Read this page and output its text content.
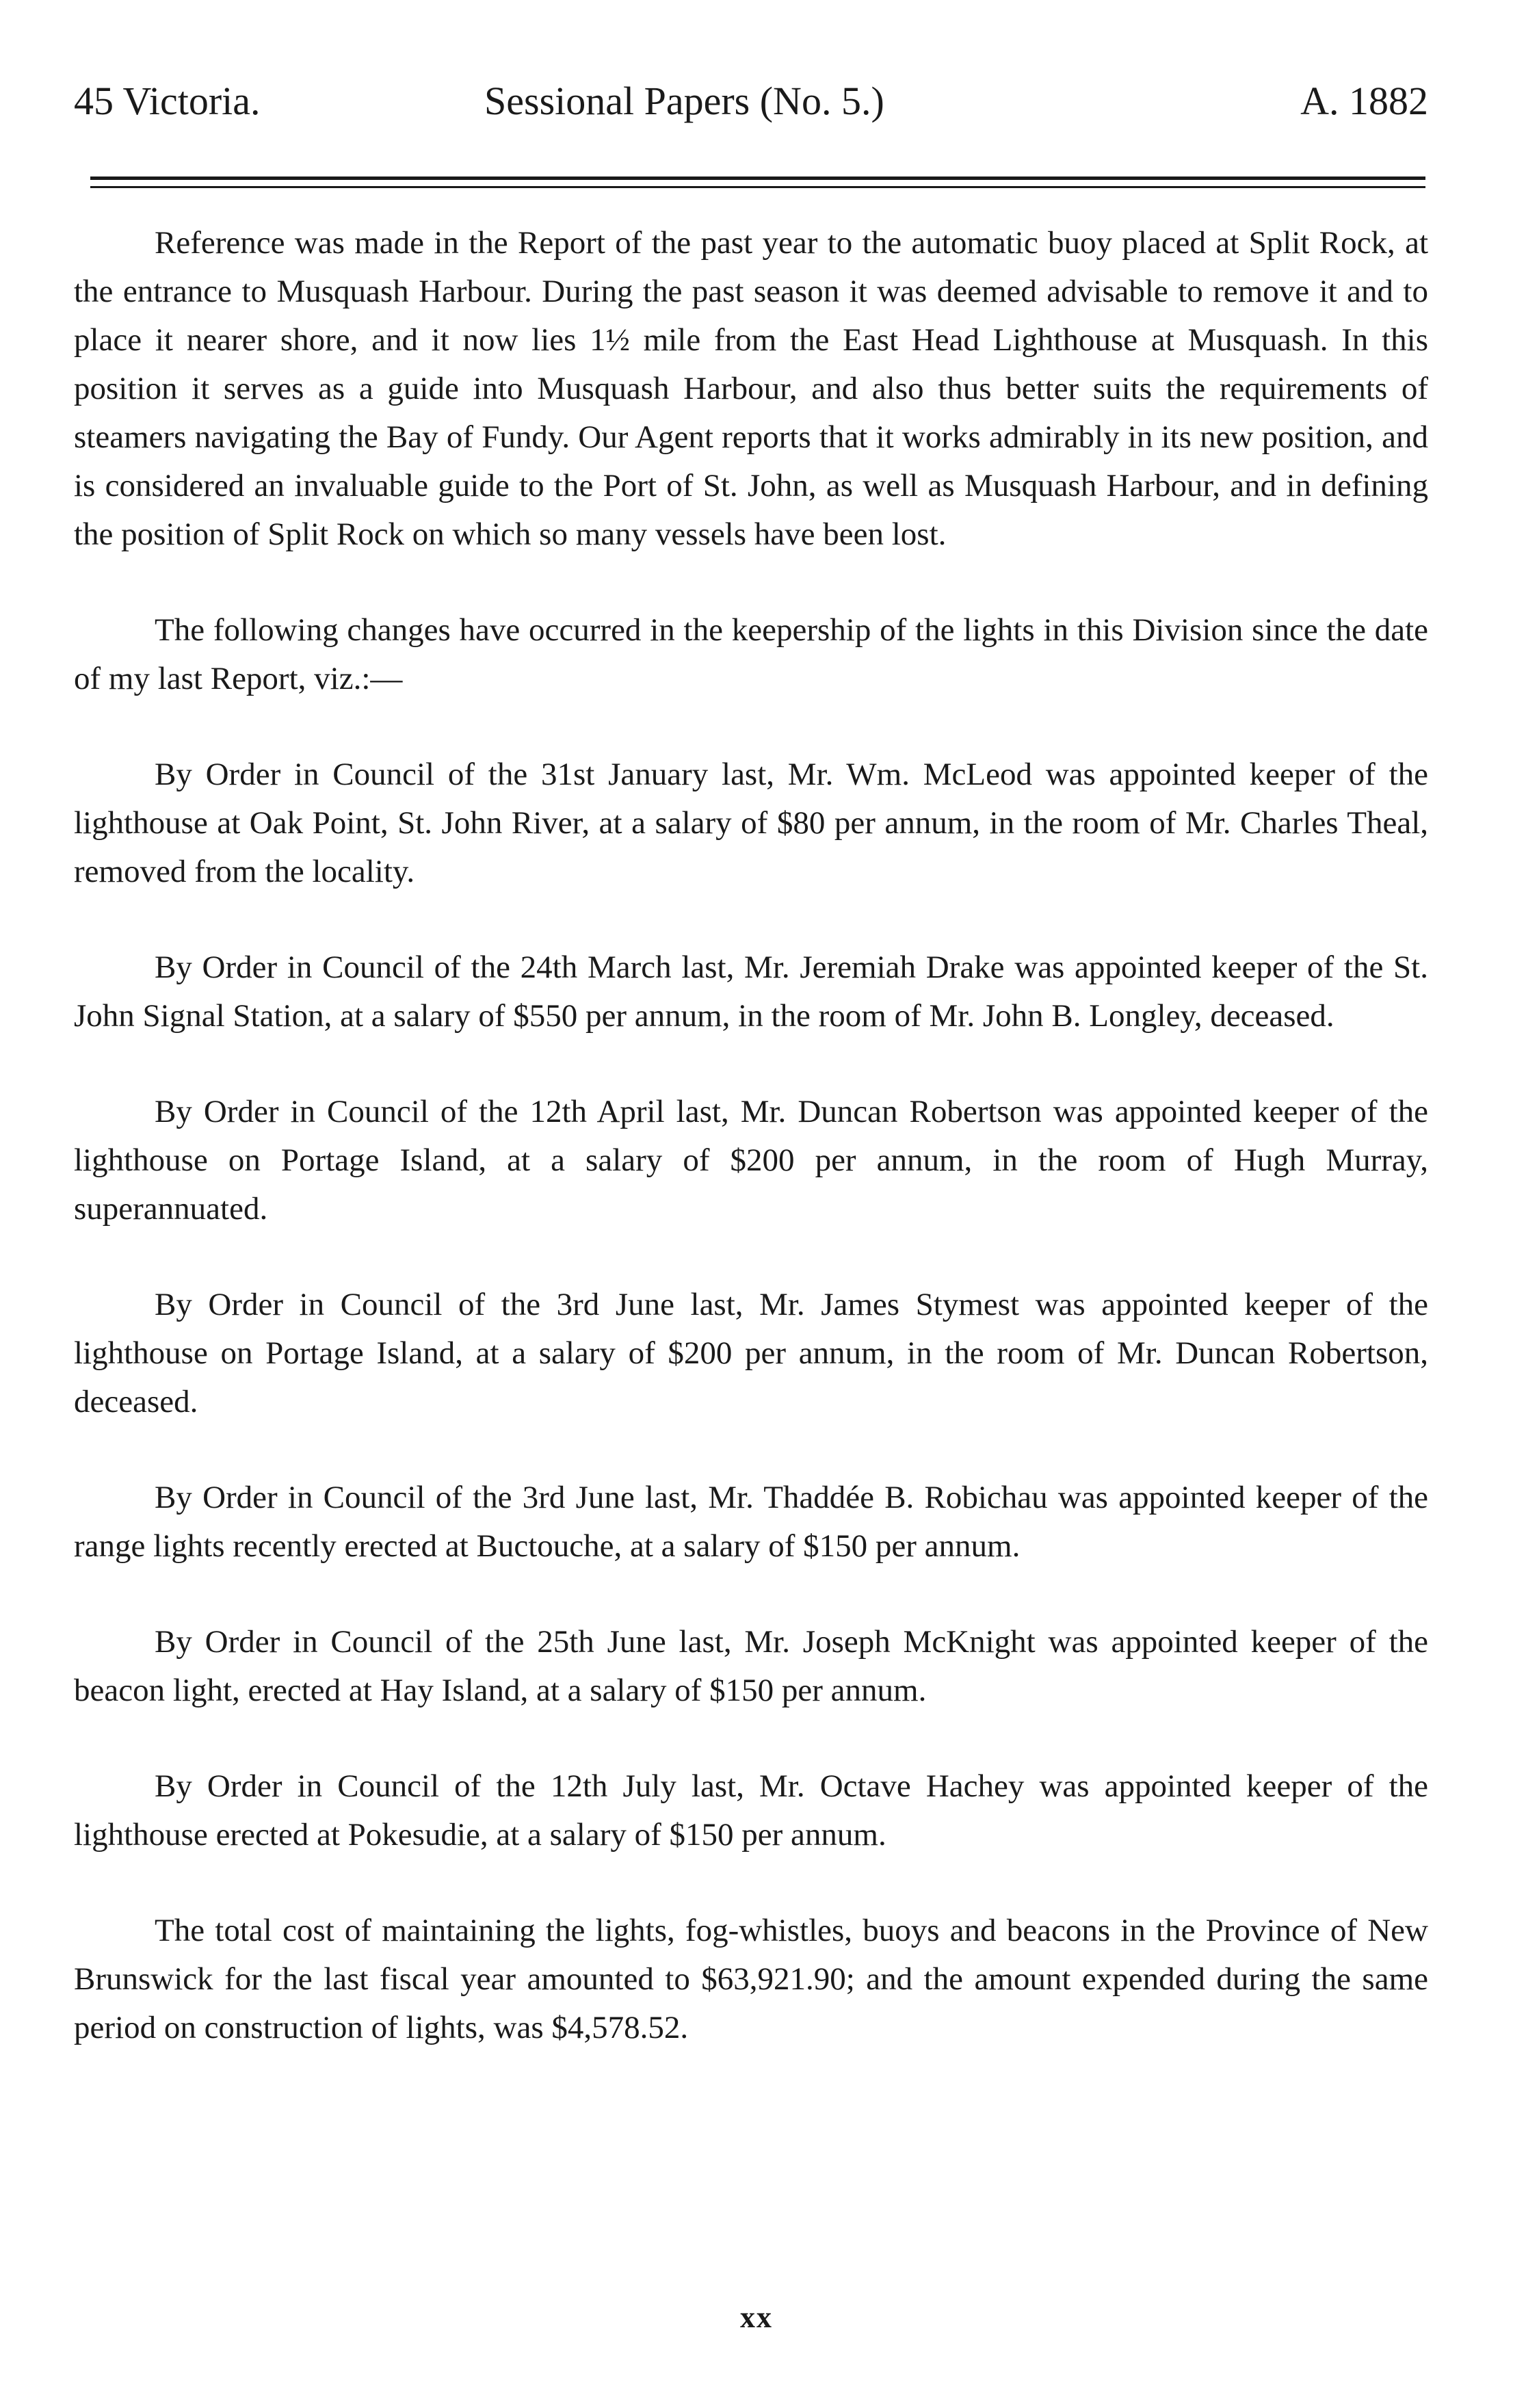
45 Victoria.	Sessional Papers (No. 5.)	A. 1882

Reference was made in the Report of the past year to the automatic buoy placed at Split Rock, at the entrance to Musquash Harbour. During the past season it was deemed advisable to remove it and to place it nearer shore, and it now lies 1½ mile from the East Head Lighthouse at Musquash. In this position it serves as a guide into Musquash Harbour, and also thus better suits the requirements of steamers navigating the Bay of Fundy. Our Agent reports that it works admirably in its new position, and is considered an invaluable guide to the Port of St. John, as well as Musquash Harbour, and in defining the position of Split Rock on which so many vessels have been lost.

The following changes have occurred in the keepership of the lights in this Division since the date of my last Report, viz.:—

By Order in Council of the 31st January last, Mr. Wm. McLeod was appointed keeper of the lighthouse at Oak Point, St. John River, at a salary of $80 per annum, in the room of Mr. Charles Theal, removed from the locality.

By Order in Council of the 24th March last, Mr. Jeremiah Drake was appointed keeper of the St. John Signal Station, at a salary of $550 per annum, in the room of Mr. John B. Longley, deceased.

By Order in Council of the 12th April last, Mr. Duncan Robertson was appointed keeper of the lighthouse on Portage Island, at a salary of $200 per annum, in the room of Hugh Murray, superannuated.

By Order in Council of the 3rd June last, Mr. James Stymest was appointed keeper of the lighthouse on Portage Island, at a salary of $200 per annum, in the room of Mr. Duncan Robertson, deceased.

By Order in Council of the 3rd June last, Mr. Thaddée B. Robichau was appointed keeper of the range lights recently erected at Buctouche, at a salary of $150 per annum.

By Order in Council of the 25th June last, Mr. Joseph McKnight was appointed keeper of the beacon light, erected at Hay Island, at a salary of $150 per annum.

By Order in Council of the 12th July last, Mr. Octave Hachey was appointed keeper of the lighthouse erected at Pokesudie, at a salary of $150 per annum.

The total cost of maintaining the lights, fog-whistles, buoys and beacons in the Province of New Brunswick for the last fiscal year amounted to $63,921.90; and the amount expended during the same period on construction of lights, was $4,578.52.

xx
